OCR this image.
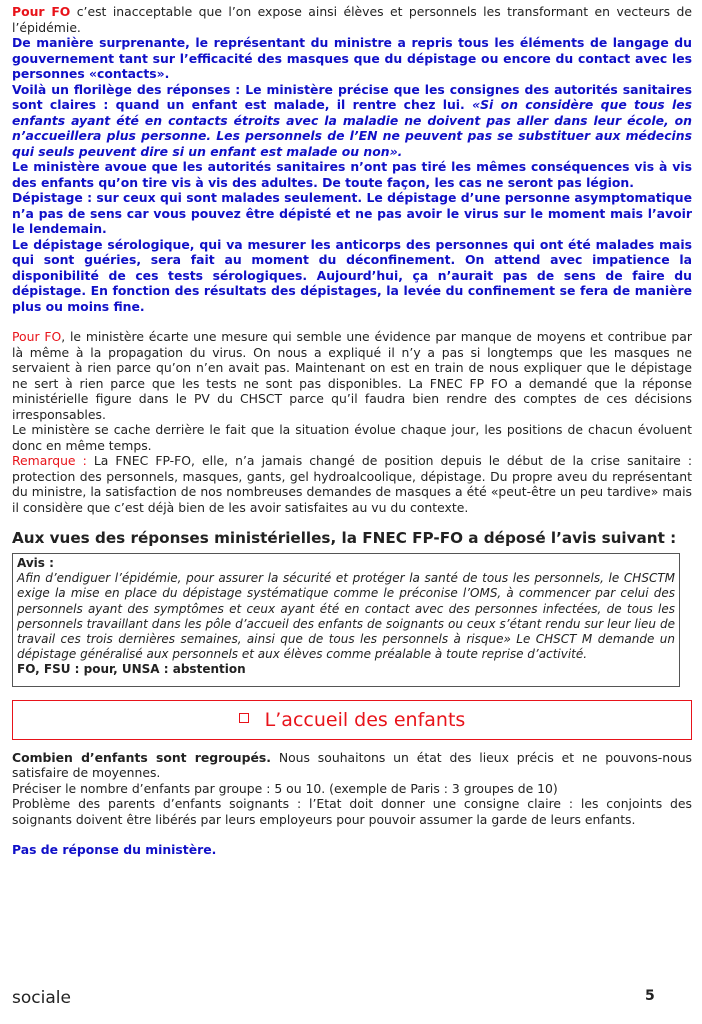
Pour FO c’est inacceptable que l’on expose ainsi élèves et personnels les transformant en vecteurs de l’épidémie.

De manière surprenante, le représentant du ministre a repris tous les éléments de langage du gouvernement tant sur l’efficacité des masques que du dépistage ou encore du contact avec les personnes «contacts».

Voilà un florilège des réponses : Le ministère précise que les consignes des autorités sanitaires sont claires : quand un enfant est malade, il rentre chez lui. «Si on considère que tous les enfants ayant été en contacts étroits avec la maladie ne doivent pas aller dans leur école, on n’accueillera plus personne. Les personnels de l’EN ne peuvent pas se substituer aux médecins qui seuls peuvent dire si un enfant est malade ou non».

Le ministère avoue que les autorités sanitaires n’ont pas tiré les mêmes conséquences vis à vis des enfants qu’on tire vis à vis des adultes. De toute façon, les cas ne seront pas légion.

Dépistage : sur ceux qui sont malades seulement. Le dépistage d’une personne asymptomatique n’a pas de sens car vous pouvez être dépisté et ne pas avoir le virus sur le moment mais l’avoir le lendemain.

Le dépistage sérologique, qui va mesurer les anticorps des personnes qui ont été malades mais qui sont guéries, sera fait au moment du déconfinement. On attend avec impatience la disponibilité de ces tests sérologiques. Aujourd’hui, ça n’aurait pas de sens de faire du dépistage. En fonction des résultats des dépistages, la levée du confinement se fera de manière plus ou moins fine.

Pour FO, le ministère écarte une mesure qui semble une évidence par manque de moyens et contribue par là même à la propagation du virus. On nous a expliqué il n’y a pas si longtemps que les masques ne servaient à rien parce qu’on n’en avait pas. Maintenant on est en train de nous expliquer que le dépistage ne sert à rien parce que les tests ne sont pas disponibles. La FNEC FP FO a demandé que la réponse ministérielle figure dans le PV du CHSCT parce qu’il faudra bien rendre des comptes de ces décisions irresponsables.

Le ministère se cache derrière le fait que la situation évolue chaque jour, les positions de chacun évoluent donc en même temps.

Remarque : La FNEC FP-FO, elle, n’a jamais changé de position depuis le début de la crise sanitaire : protection des personnels, masques, gants, gel hydroalcoolique, dépistage. Du propre aveu du représentant du ministre, la satisfaction de nos nombreuses demandes de masques a été «peut-être un peu tardive» mais il considère que c’est déjà bien de les avoir satisfaites au vu du contexte.

Aux vues des réponses ministérielles, la FNEC FP-FO a déposé l’avis suivant :

Avis :

Afin d’endiguer l’épidémie, pour assurer la sécurité et protéger la santé de tous les personnels, le CHSCTM exige la mise en place du dépistage systématique comme le préconise l’OMS, à commencer par celui des personnels ayant des symptômes et ceux ayant été en contact avec des personnes infectées, de tous les personnels travaillant dans les pôle d’accueil des enfants de soignants ou ceux s’étant rendu sur leur lieu de travail ces trois dernières semaines, ainsi que de tous les personnels à risque» Le CHSCT M demande un dépistage généralisé aux personnels et aux élèves comme préalable à toute reprise d’activité.

FO, FSU : pour, UNSA : abstention

L’accueil des enfants

Combien d’enfants sont regroupés. Nous souhaitons un état des lieux précis et ne pouvons-nous satisfaire de moyennes.

Préciser le nombre d’enfants par groupe : 5 ou 10. (exemple de Paris : 3 groupes de 10)

Problème des parents d’enfants soignants : l’Etat doit donner une consigne claire : les conjoints des soignants doivent être libérés par leurs employeurs pour pouvoir assumer la garde de leurs enfants.

Pas de réponse du ministère.

sociale	5
